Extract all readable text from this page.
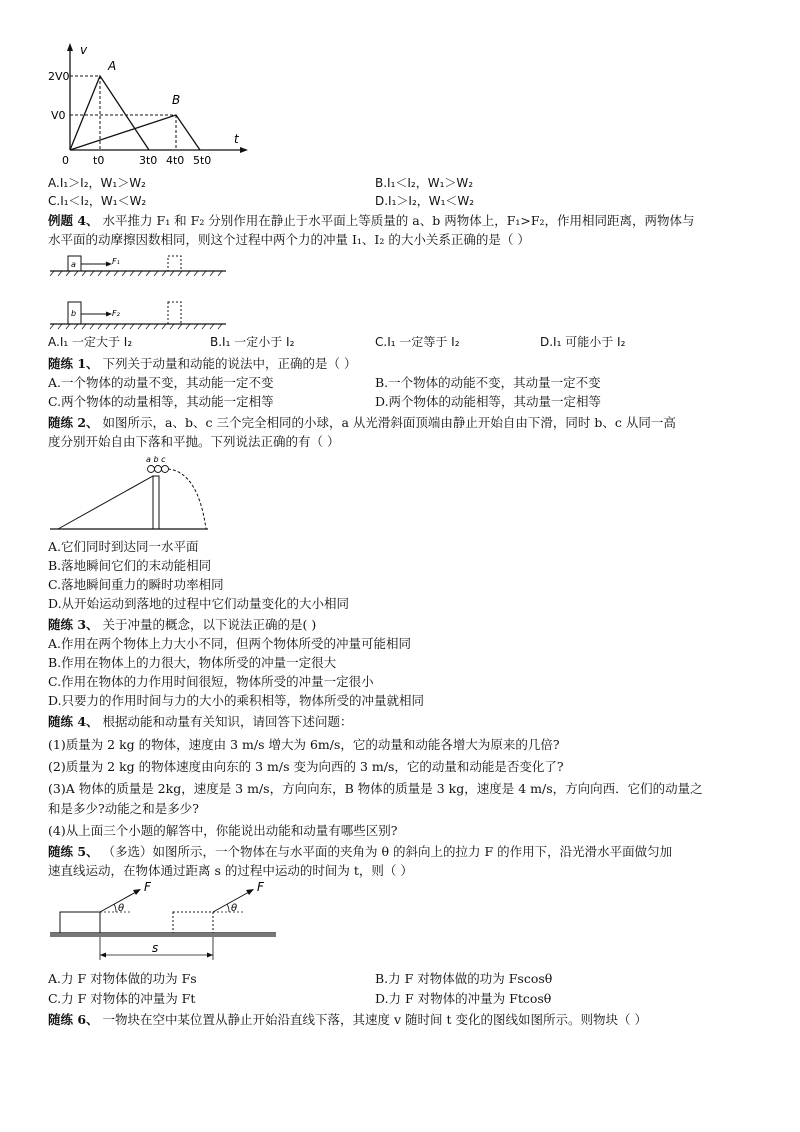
v
t
2V0
V0
A
B
0 t0	3t0 4t0 5t0
A.I₁＞I₂，W₁＞W₂	B.I₁＜I₂，W₁＞W₂
C.I₁＜I₂，W₁＜W₂	D.I₁＞I₂，W₁＜W₂
例题 4、 水平推力 F₁ 和 F₂ 分别作用在静止于水平面上等质量的 a、b 两物体上，F₁>F₂，作用相同距离，两物体与
水平面的动摩擦因数相同，则这个过程中两个力的冲量 I₁、I₂ 的大小关系正确的是（ ）
a	F₁
b	F₂
A.I₁ 一定大于 I₂	B.I₁ 一定小于 I₂	C.I₁ 一定等于 I₂	D.I₁ 可能小于 I₂
随练 1、 下列关于动量和动能的说法中，正确的是（ ）
A.一个物体的动量不变，其动能一定不变	B.一个物体的动能不变，其动量一定不变
C.两个物体的动量相等，其动能一定相等	D.两个物体的动能相等，其动量一定相等
随练 2、 如图所示，a、b、c 三个完全相同的小球，a 从光滑斜面顶端由静止开始自由下滑，同时 b、c 从同一高
度分别开始自由下落和平抛。下列说法正确的有（ ）
a b c
A.它们同时到达同一水平面
B.落地瞬间它们的末动能相同
C.落地瞬间重力的瞬时功率相同
D.从开始运动到落地的过程中它们动量变化的大小相同
随练 3、 关于冲量的概念，以下说法正确的是( )
A.作用在两个物体上力大小不同，但两个物体所受的冲量可能相同
B.作用在物体上的力很大，物体所受的冲量一定很大
C.作用在物体的力作用时间很短，物体所受的冲量一定很小
D.只要力的作用时间与力的大小的乘积相等，物体所受的冲量就相同
随练 4、 根据动能和动量有关知识，请回答下述问题：
(1)质量为 2 kg 的物体，速度由 3 m/s 增大为 6m/s，它的动量和动能各增大为原来的几倍?
(2)质量为 2 kg 的物体速度由向东的 3 m/s 变为向西的 3 m/s，它的动量和动能是否变化了?
(3)A 物体的质量是 2kg，速度是 3 m/s，方向向东，B 物体的质量是 3 kg，速度是 4 m/s，方向向西．它们的动量之
和是多少?动能之和是多少?
(4)从上面三个小题的解答中，你能说出动能和动量有哪些区别?
随练 5、 （多选）如图所示，一个物体在与水平面的夹角为 θ 的斜向上的拉力 F 的作用下，沿光滑水平面做匀加
速直线运动，在物体通过距离 s 的过程中运动的时间为 t，则（ ）
θ
F
θ
F
s
A.力 F 对物体做的功为 Fs	B.力 F 对物体做的功为 Fscosθ
C.力 F 对物体的冲量为 Ft	D.力 F 对物体的冲量为 Ftcosθ
随练 6、 一物块在空中某位置从静止开始沿直线下落，其速度 v 随时间 t 变化的图线如图所示。则物块（ ）
